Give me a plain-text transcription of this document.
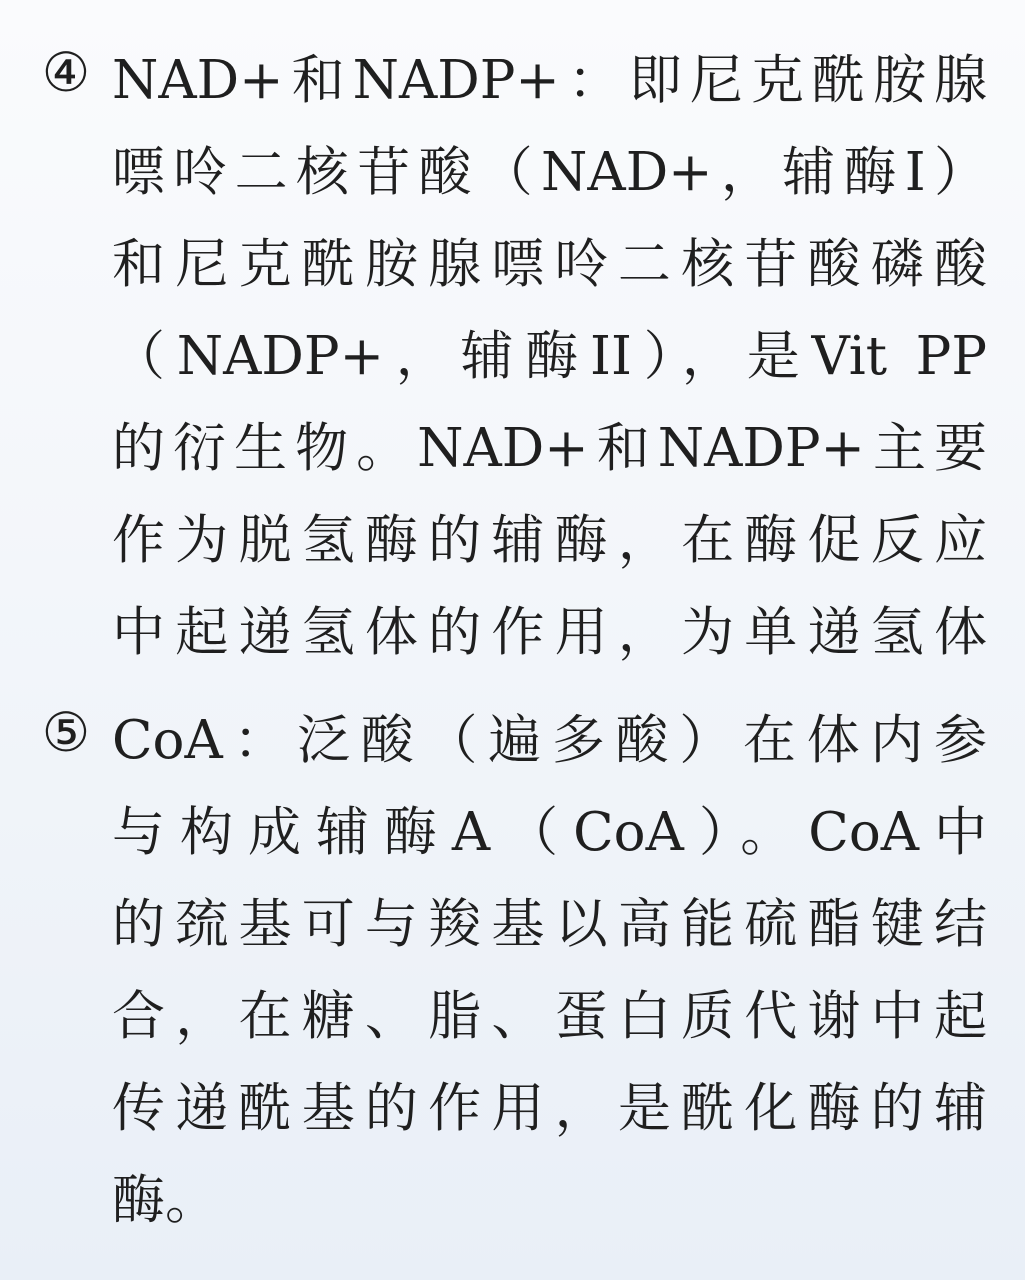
④ NAD+和NADP+：即尼克酰胺腺
嘌呤二核苷酸（NAD+，辅酶I）
和尼克酰胺腺嘌呤二核苷酸磷酸
（NADP+，辅酶II），是Vit PP
的衍生物。NAD+和NADP+主要
作为脱氢酶的辅酶，在酶促反应
中起递氢体的作用，为单递氢体
⑤ CoA：泛酸（遍多酸）在体内参
与构成辅酶A（CoA）。CoA中
的巯基可与羧基以高能硫酯键结
合，在糖、脂、蛋白质代谢中起
传递酰基的作用，是酰化酶的辅
酶。
